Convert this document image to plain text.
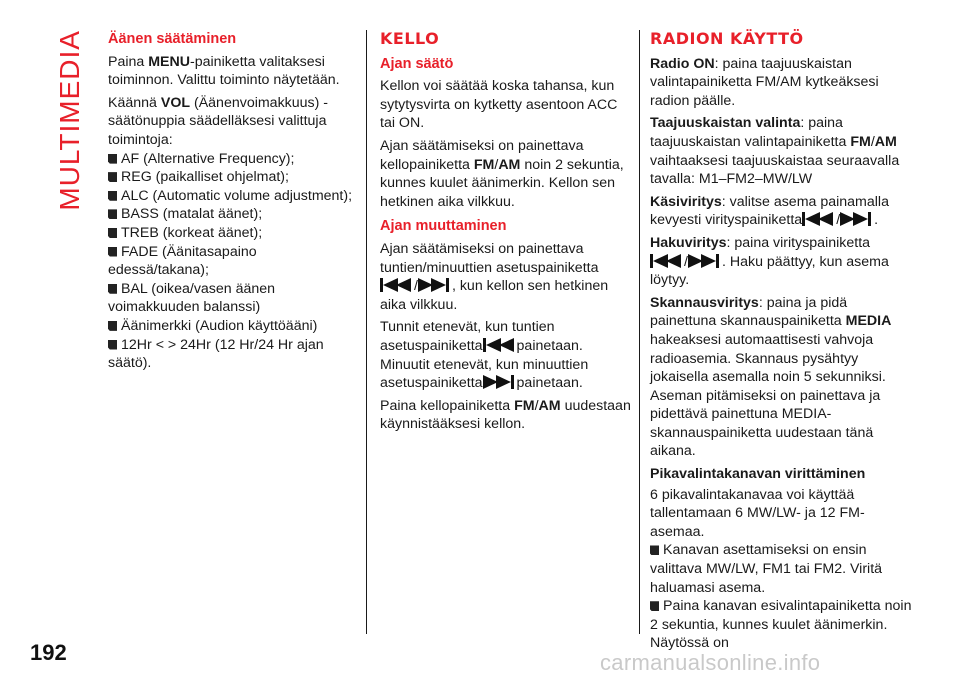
MULTIMEDIA Äänen säätäminen

Paina MENU-painiketta valitaksesi toiminnon. Valittu toiminto näytetään.

Käännä VOL (Äänenvoimakkuus) -säätönuppia säädelläksesi valittuja toimintoja:

AF (Alternative Frequency);
REG (paikalliset ohjelmat);
ALC (Automatic volume adjustment);
BASS (matalat äänet);
TREB (korkeat äänet);
FADE (Äänitasapaino edessä/takana);
BAL (oikea/vasen äänen voimakkuuden balanssi)
Äänimerkki (Audion käyttöääni)
12Hr < > 24Hr (12 Hr/24 Hr ajan säätö).
KELLO
Ajan säätö

Kellon voi säätää koska tahansa, kun sytytysvirta on kytketty asentoon ACC tai ON.

Ajan säätämiseksi on painettava kellopainiketta FM/AM noin 2 sekuntia, kunnes kuulet äänimerkin. Kellon sen hetkinen aika vilkkuu.

Ajan muuttaminen

Ajan säätämiseksi on painettava tuntien/minuuttien asetuspainiketta

/ , kun kellon sen hetkinen aika vilkkuu.

Tunnit etenevät, kun tuntien asetuspainiketta painetaan.

Minuutit etenevät, kun minuuttien asetuspainiketta painetaan.

Paina kellopainiketta FM/AM uudestaan käynnistääksesi kellon.

RADION KÄYTTÖ

Radio ON: paina taajuuskaistan valintapainiketta FM/AM kytkeäksesi radion päälle.

Taajuuskaistan valinta: paina taajuuskaistan valintapainiketta FM/AM vaihtaaksesi taajuuskaistaa seuraavalla tavalla: M1–FM2–MW/LW

Käsiviritys: valitse asema painamalla kevyesti virityspainiketta / .

Hakuviritys: paina virityspainiketta

/ . Haku päättyy, kun asema löytyy.

Skannausviritys: paina ja pidä painettuna skannauspainiketta MEDIA hakeaksesi automaattisesti vahvoja radioasemia. Skannaus pysähtyy jokaisella asemalla noin 5 sekunniksi. Aseman pitämiseksi on painettava ja pidettävä painettuna MEDIA-skannauspainiketta uudestaan tänä aikana.

Pikavalintakanavan virittäminen

6 pikavalintakanavaa voi käyttää tallentamaan 6 MW/LW- ja 12 FM-asemaa.

Kanavan asettamiseksi on ensin valittava MW/LW, FM1 tai FM2. Viritä haluamasi asema.
Paina kanavan esivalintapainiketta noin 2 sekuntia, kunnes kuulet äänimerkin. Näytössä on
192	carmanualsonline.info
